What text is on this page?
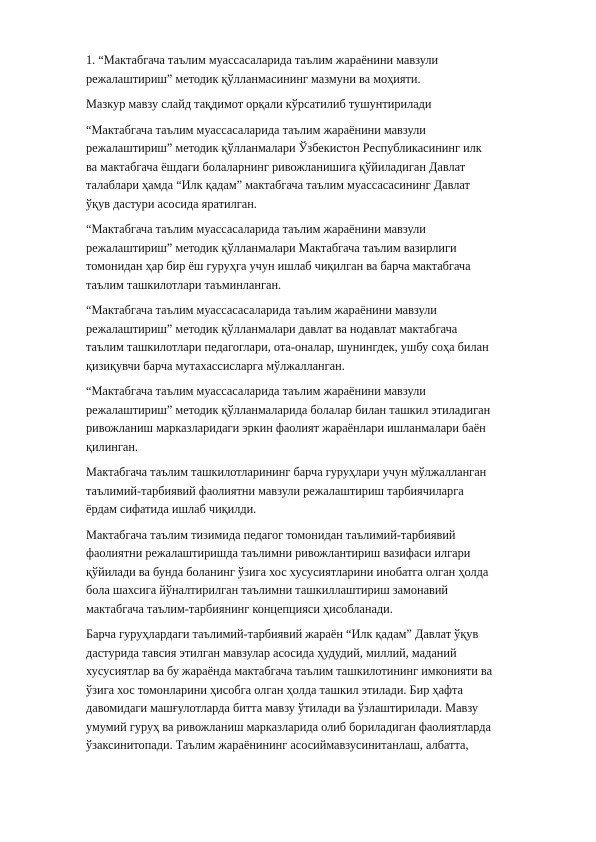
1. “Мактабгача таълим муассасаларида таълим жараёнини мавзули
режалаштириш” методик қўлланмасининг мазмуни ва моҳияти.

Мазкур мавзу слайд тақдимот орқали кўрсатилиб тушунтирилади

“Мактабгача таълим муассасаларида таълим жараёнини мавзули
режалаштириш” методик қўлланмалари Ўзбекистон Республикасининг илк
ва мактабгача ёшдаги болаларнинг ривожланишига қўйиладиган Давлат
талаблари ҳамда “Илк қадам” мактабгача таълим муассасасининг Давлат
ўқув дастури асосида яратилган.

“Мактабгача таълим муассасаларида таълим жараёнини мавзули
режалаштириш” методик қўлланмалари Мактабгача таълим вазирлиги
томонидан ҳар бир ёш гуруҳга учун ишлаб чиқилган ва барча мактабгача
таълим ташкилотлари таъминланган.

“Мактабгача таълим муассасасаларида таълим жараёнини мавзули
режалаштириш” методик қўлланмалари давлат ва нодавлат мактабгача
таълим ташкилотлари педагоглари, ота-оналар, шунингдек, ушбу соҳа билан
қизиқувчи барча мутахассисларга мўлжалланган.

“Мактабгача таълим муассасаларида таълим жараёнини мавзули
режалаштириш” методик қўлланмаларида болалар билан ташкил этиладиган
ривожланиш марказларидаги эркин фаолият жараёнлари ишланмалари баён
қилинган.

Мактабгача таълим ташкилотларининг барча гуруҳлари учун мўлжалланган
таълимий-тарбиявий фаолиятни мавзули режалаштириш тарбиячиларга
ёрдам сифатида ишлаб чиқилди.

Мактабгача таълим тизимида педагог томонидан таълимий-тарбиявий
фаолиятни режалаштиришда таълимни ривожлантириш вазифаси илгари
қўйилади ва бунда боланинг ўзига хос хусусиятларини инобатга олган ҳолда
бола шахсига йўналтирилган таълимни ташкиллаштириш замонавий
мактабгача таълим-тарбиянинг концепцияси ҳисобланади.

Барча гуруҳлардаги таълимий-тарбиявий жараён “Илк қадам” Давлат ўқув
дастурида тавсия этилган мавзулар асосида ҳудудий, миллий, маданий
хусусиятлар ва бу жараёнда мактабгача таълим ташкилотининг имконияти ва
ўзига хос томонларини ҳисобга олган ҳолда ташкил этилади. Бир ҳафта
давомидаги машғулотларда битта мавзу ўтилади ва ўзлаштирилади. Мавзу
умумий гуруҳ ва ривожланиш марказларида олиб бориладиган фаолиятларда
ўзаксинитопади. Таълим жараёнининг асосиймавзусинитанлаш, албатта,
